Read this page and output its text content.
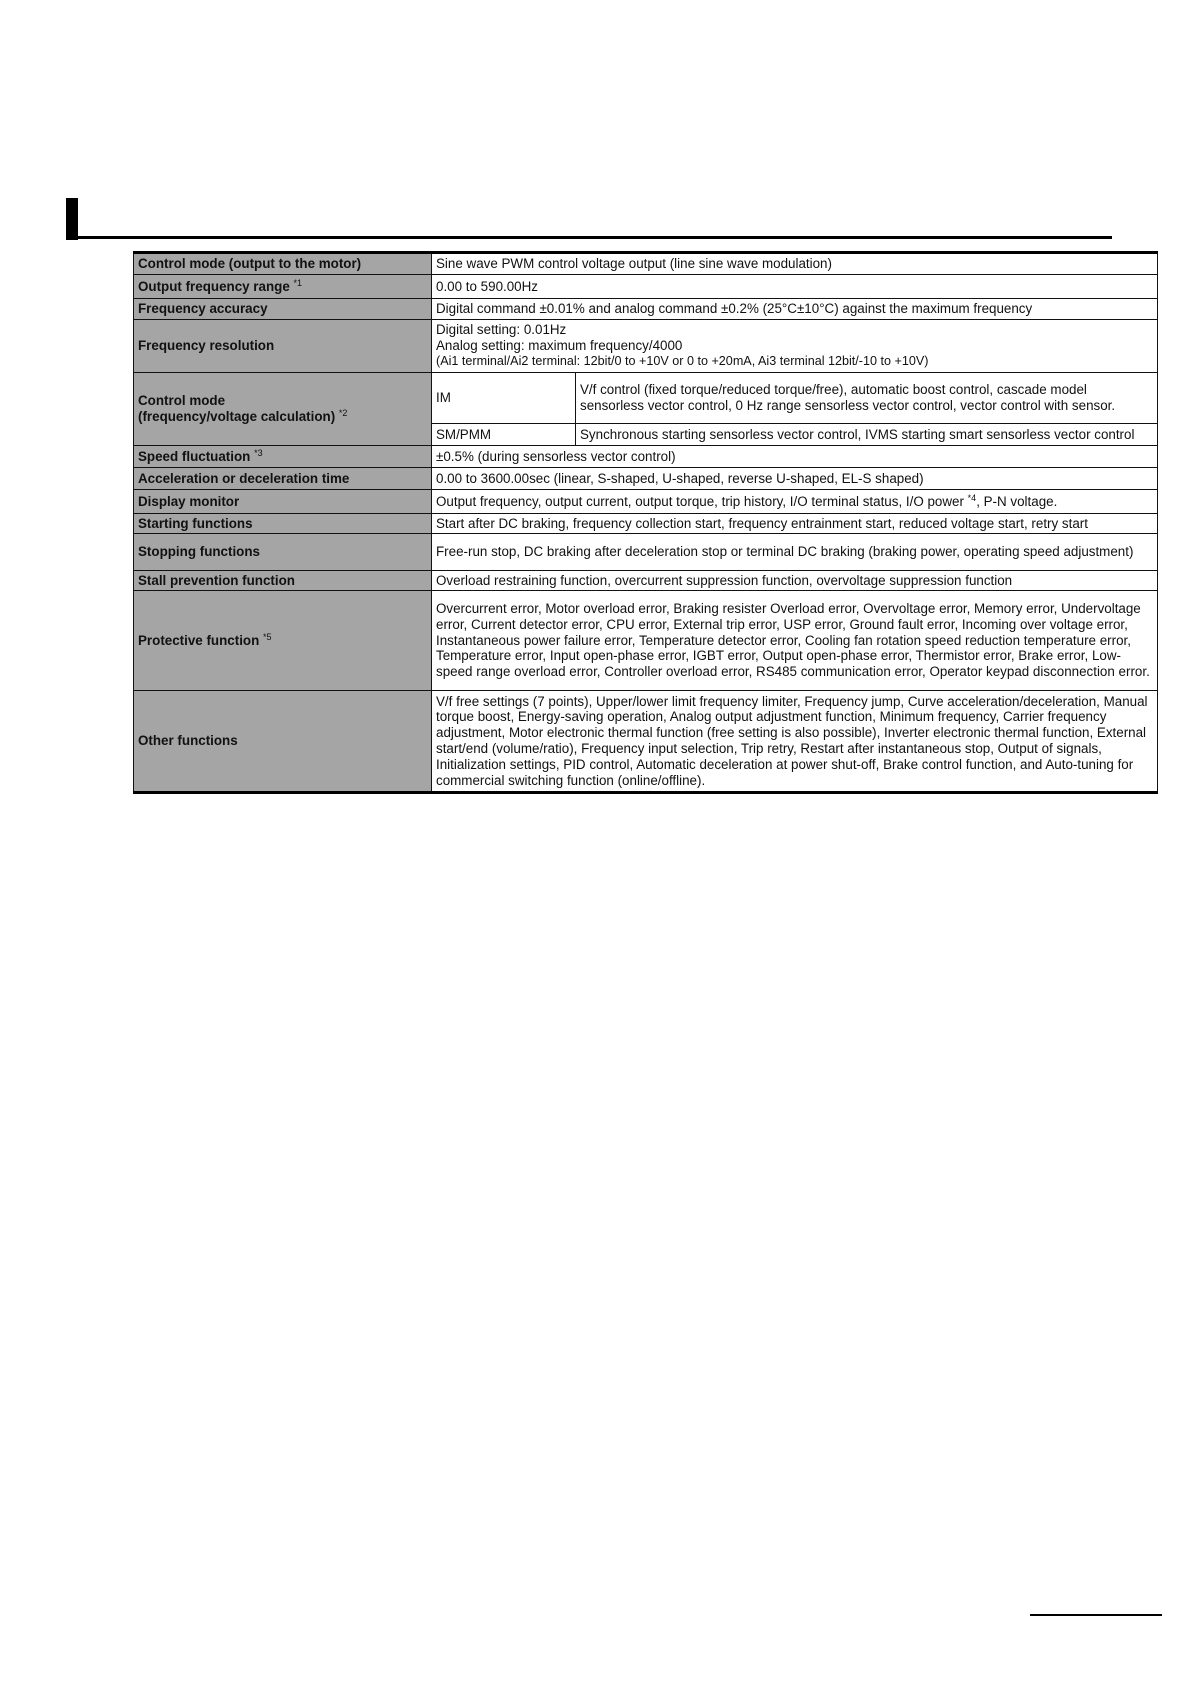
Control mode (output to the motor)	Sine wave PWM control voltage output (line sine wave modulation)	
Output frequency range $^{*1}$	0.00 to 590.00Hz	
Frequency accuracy	Digital command ±0.01% and analog command ±0.2% (25°C±10°C) against the maximum frequency	
Frequency resolution	Digital setting: 0.01Hz
Analog setting: maximum frequency/4000
(Ai1 terminal/Ai2 terminal: 12bit/0 to +10V or 0 to +20mA, Ai3 terminal 12bit/-10 to +10V)	

Control mode
(frequency/voltage calculation) $^{*2}$	IM	V/f control (fixed torque/reduced torque/free), automatic boost control, cascade model sensorless vector control, 0 Hz range sensorless vector control, vector control with sensor.
	SM/PMM	Synchronous starting sensorless vector control, IVMS starting smart sensorless vector control
Speed fluctuation $^{*3}$	±0.5% (during sensorless vector control)	
Acceleration or deceleration time	0.00 to 3600.00sec (linear, S-shaped, U-shaped, reverse U-shaped, EL-S shaped)	
Display monitor	Output frequency, output current, output torque, trip history, I/O terminal status, I/O power $^{*4}$, P-N voltage.	
Starting functions	Start after DC braking, frequency collection start, frequency entrainment start, reduced voltage start, retry start	
Stopping functions	Free-run stop, DC braking after deceleration stop or terminal DC braking (braking power, operating speed adjustment)	
Stall prevention function	Overload restraining function, overcurrent suppression function, overvoltage suppression function	
Protective function $^{*5}$	Overcurrent error, Motor overload error, Braking resister Overload error, Overvoltage error, Memory error, Undervoltage error, Current detector error, CPU error, External trip error, USP error, Ground fault error, Incoming over voltage error, Instantaneous power failure error, Temperature detector error, Cooling fan rotation speed reduction temperature error, Temperature error, Input open-phase error, IGBT error, Output open-phase error, Thermistor error, Brake error, Low-speed range overload error, Controller overload error, RS485 communication error, Operator keypad disconnection error.	
Other functions	V/f free settings (7 points), Upper/lower limit frequency limiter, Frequency jump, Curve acceleration/deceleration, Manual torque boost, Energy-saving operation, Analog output adjustment function, Minimum frequency, Carrier frequency adjustment, Motor electronic thermal function (free setting is also possible), Inverter electronic thermal function, External start/end (volume/ratio), Frequency input selection, Trip retry, Restart after instantaneous stop, Output of signals, Initialization settings, PID control, Automatic deceleration at power shut-off, Brake control function, and Auto-tuning for commercial switching function (online/offline).	
